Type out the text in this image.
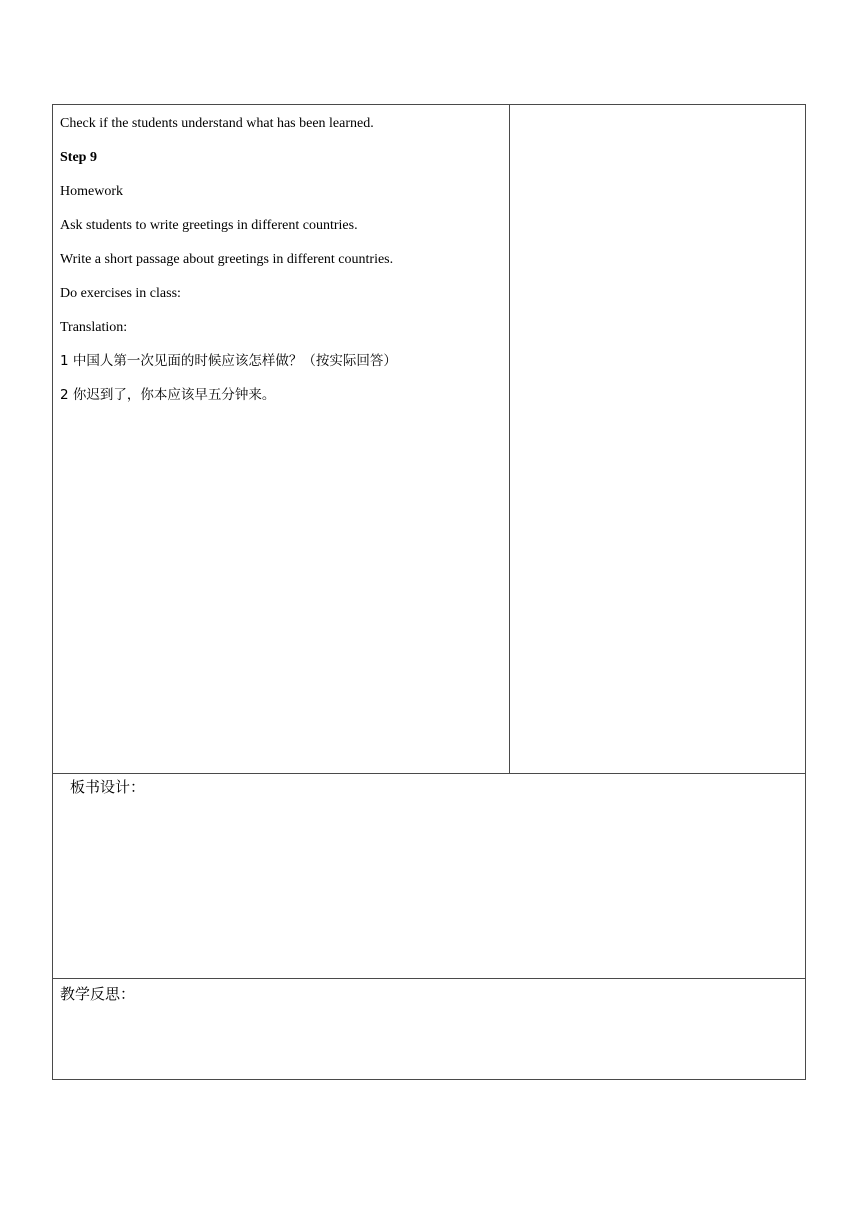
Check if the students understand what has been learned.
Step 9
Homework
Ask students to write greetings in different countries.
Write a short passage about greetings in different countries.
Do exercises in class:
Translation:
1 中国人第一次见面的时候应该怎样做？（按实际回答）
2 你迟到了，你本应该早五分钟来。
板书设计：
教学反思：
